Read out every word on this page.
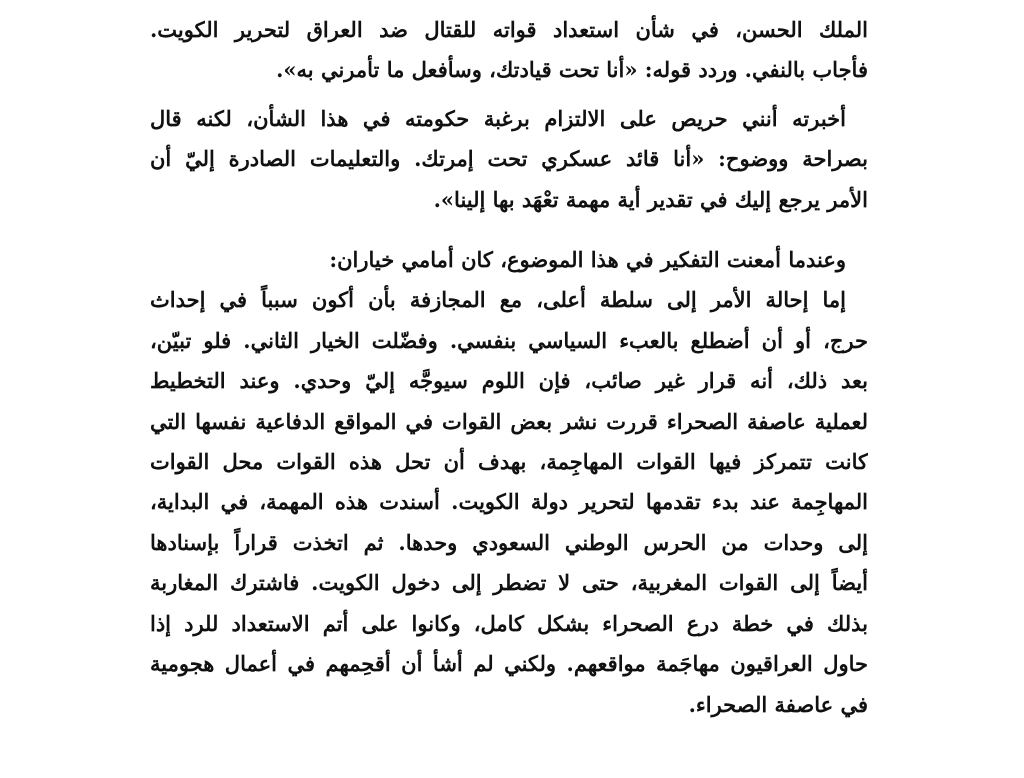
الملك الحسن، في شأن استعداد قواته للقتال ضد العراق لتحرير الكويت.
فأجاب بالنفي. وردد قوله: «أنا تحت قيادتك، وسأفعل ما تأمرني به».
أخبرته أنني حريص على الالتزام برغبة حكومته في هذا الشأن، لكنه قال
بصراحة ووضوح: «أنا قائد عسكري تحت إمرتك. والتعليمات الصادرة إليّ أن
الأمر يرجع إليك في تقدير أية مهمة تعْهَد بها إلينا».
وعندما أمعنت التفكير في هذا الموضوع، كان أمامي خياران:
إما إحالة الأمر إلى سلطة أعلى، مع المجازفة بأن أكون سبباً في إحداث
حرج، أو أن أضطلع بالعبء السياسي بنفسي. وفضّلت الخيار الثاني. فلو تبيّن،
بعد ذلك، أنه قرار غير صائب، فإن اللوم سيوجَّه إليّ وحدي. وعند التخطيط
لعملية عاصفة الصحراء قررت نشر بعض القوات في المواقع الدفاعية نفسها التي
كانت تتمركز فيها القوات المهاجِمة، بهدف أن تحل هذه القوات محل القوات
المهاجِمة عند بدء تقدمها لتحرير دولة الكويت. أسندت هذه المهمة، في البداية،
إلى وحدات من الحرس الوطني السعودي وحدها. ثم اتخذت قراراً بإسنادها
أيضاً إلى القوات المغربية، حتى لا تضطر إلى دخول الكويت. فاشترك المغاربة
بذلك في خطة درع الصحراء بشكل كامل، وكانوا على أتم الاستعداد للرد إذا
حاول العراقيون مهاجَمة مواقعهم. ولكني لم أشأ أن أقحِمهم في أعمال هجومية
في عاصفة الصحراء.
